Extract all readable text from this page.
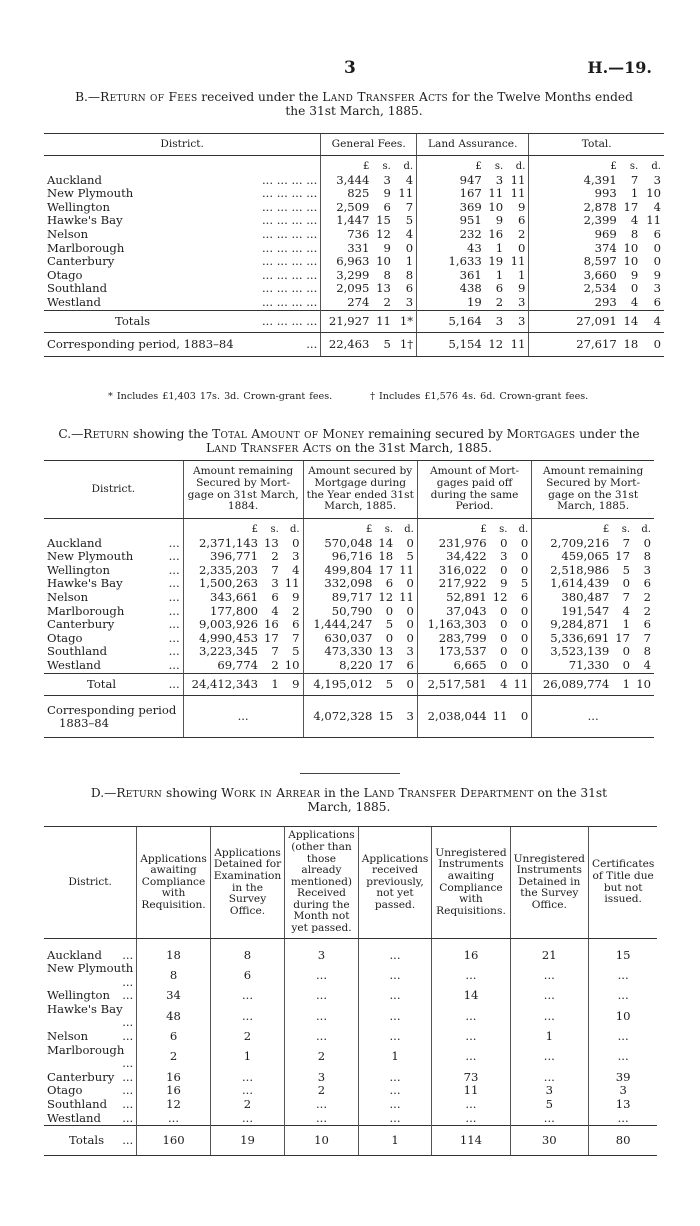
3	H.—19.
B.—Return of Fees received under the Land Transfer Acts for the Twelve Months ended
the 31st March, 1885.
District.	General Fees.			Land Assurance.			Total.		
	£	s.	d.	£	s.	d.	£	s.	d.
Auckland ... ... ... ...	3,444	3	4	947	3	11	4,391	7	3
New Plymouth ... ... ... ...	825	9	11	167	11	11	993	1	10
Wellington ... ... ... ...	2,509	6	7	369	10	9	2,878	17	4
Hawke's Bay ... ... ... ...	1,447	15	5	951	9	6	2,399	4	11
Nelson ... ... ... ...	736	12	4	232	16	2	969	8	6
Marlborough ... ... ... ...	331	9	0	43	1	0	374	10	0
Canterbury ... ... ... ...	6,963	10	1	1,633	19	11	8,597	10	0
Otago ... ... ... ...	3,299	8	8	361	1	1	3,660	9	9
Southland ... ... ... ...	2,095	13	6	438	6	9	2,534	0	3
Westland ... ... ... ...	274	2	3	19	2	3	293	4	6
Totals ... ... ... ...	21,927	11	1*	5,164	3	3	27,091	14	4
Corresponding period, 1883–84 ...	22,463	5	1†	5,154	12	11	27,617	18	0
* Includes £1,403 17s. 3d. Crown-grant fees.	† Includes £1,576 4s. 6d. Crown-grant fees.
C.—Return showing the Total Amount of Money remaining secured by Mortgages under the
Land Transfer Acts on the 31st March, 1885.
District.	Amount remaining Secured by Mort-gage on 31st March, 1884.			Amount secured by Mortgage during the Year ended 31st March, 1885.			Amount of Mort-gages paid off during the same Period.			Amount remaining Secured by Mort-gage on the 31st March, 1885.		
	£	s.	d.	£	s.	d.	£	s.	d.	£	s.	d.
Auckland ...	2,371,143	13	0	570,048	14	0	231,976	0	0	2,709,216	7	0
New Plymouth ...	396,771	2	3	96,716	18	5	34,422	3	0	459,065	17	8
Wellington ...	2,335,203	7	4	499,804	17	11	316,022	0	0	2,518,986	5	3
Hawke's Bay ...	1,500,263	3	11	332,098	6	0	217,922	9	5	1,614,439	0	6
Nelson ...	343,661	6	9	89,717	12	11	52,891	12	6	380,487	7	2
Marlborough ...	177,800	4	2	50,790	0	0	37,043	0	0	191,547	4	2
Canterbury ...	9,003,926	16	6	1,444,247	5	0	1,163,303	0	0	9,284,871	1	6
Otago ...	4,990,453	17	7	630,037	0	0	283,799	0	0	5,336,691	17	7
Southland ...	3,223,345	7	5	473,330	13	3	173,537	0	0	3,523,139	0	8
Westland ...	69,774	2	10	8,220	17	6	6,665	0	0	71,330	0	4
Total ...	24,412,343	1	9	4,195,012	5	0	2,517,581	4	11	26,089,774	1	10

Corresponding period
1883–84	...			4,072,328	15	3	2,038,044	11	0	...		
D.—Return showing Work in Arrear in the Land Transfer Department on the 31st
March, 1885.
District.	Applications awaiting Compliance with Requisition.	Applications Detained for Examination in the Survey Office.	Applications (other than those already mentioned) Received during the Month not yet passed.	Applications received previously, not yet passed.	Unregistered Instruments awaiting Compliance with Requisitions.	Unregistered Instruments Detained in the Survey Office.	Certificates of Title due but not issued.

Auckland ...	18	8	3	...	16	21	15
New Plymouth
...	8	6	...	...	...	...	...
Wellington ...	34	...	...	...	14	...	...
Hawke's Bay
...	48	...	...	...	...	...	10
Nelson ...	6	2	...	...	...	1	...
Marlborough
...	2	1	2	1	...	...	...
Canterbury ...	16	...	3	...	73	...	39
Otago ...	16	...	2	...	11	3	3
Southland ...	12	2	...	...	...	5	13
Westland ...	...	...	...	...	...	...	...
Totals ...	160	19	10	1	114	30	80
